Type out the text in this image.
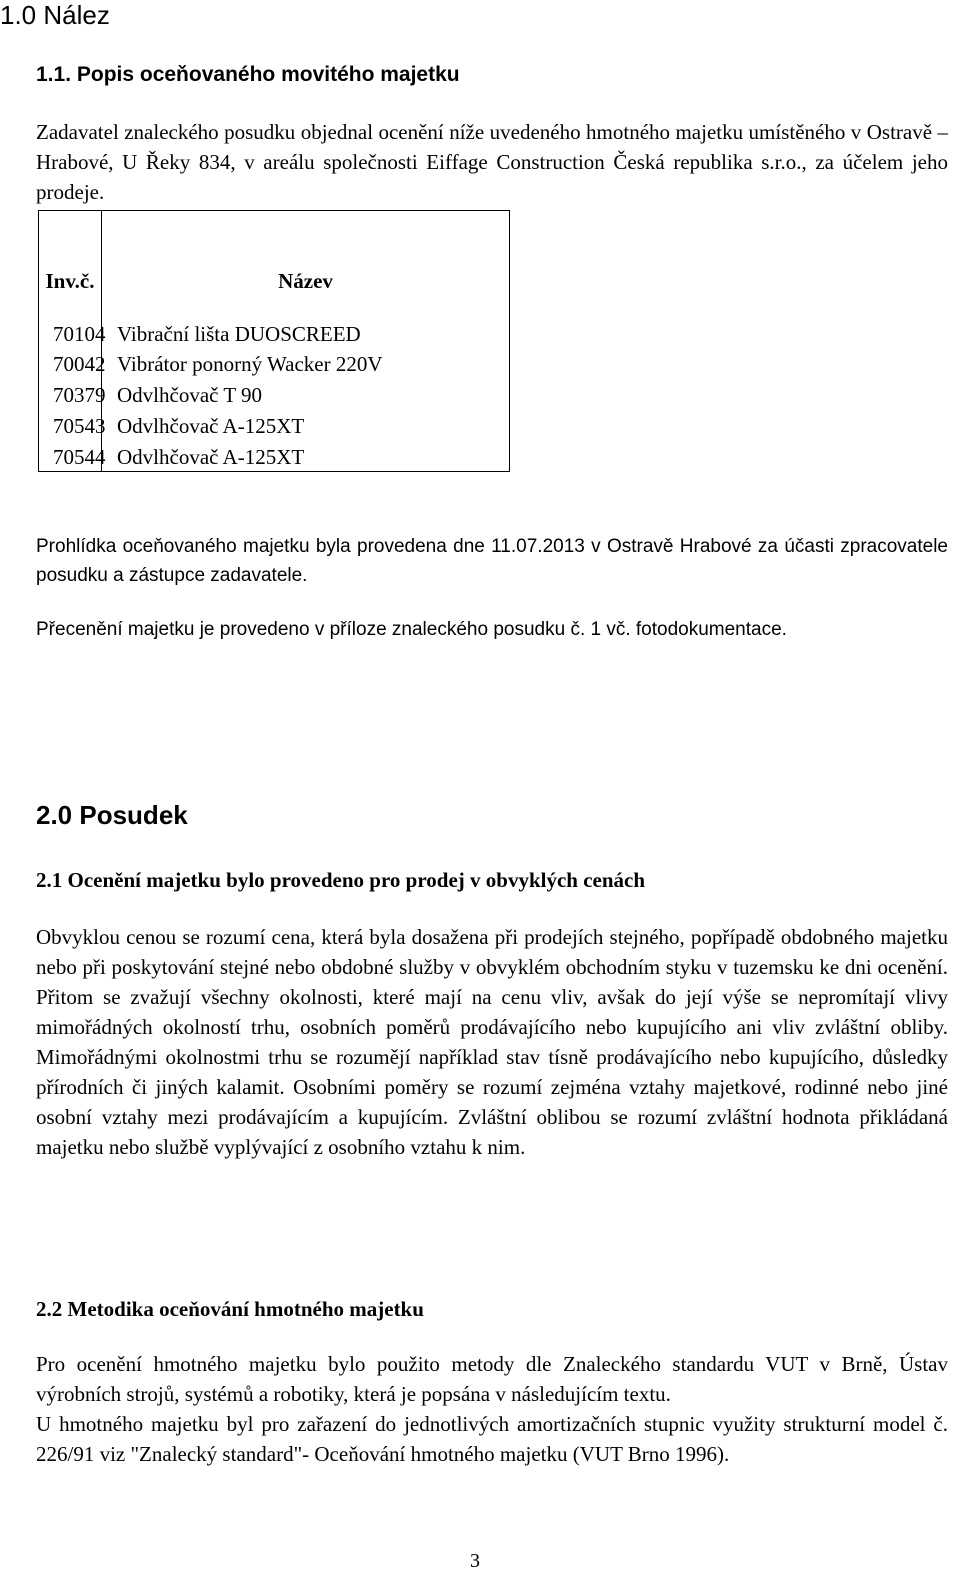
1.0 Nález
1.1. Popis oceňovaného movitého majetku

Zadavatel znaleckého posudku objednal ocenění níže uvedeného hmotného majetku umístěného v Ostravě – Hrabové, U Řeky 834, v areálu společnosti Eiffage Construction Česká republika s.r.o., za účelem jeho prodeje.

Inv.č.	Název
70104 Vibrační lišta DUOSCREED
70042 Vibrátor ponorný Wacker 220V
70379 Odvlhčovač T 90
70543 Odvlhčovač A-125XT
70544 Odvlhčovač A-125XT

Prohlídka oceňovaného majetku byla provedena dne 11.07.2013 v Ostravě Hrabové za účasti zpracovatele posudku a zástupce zadavatele.

Přecenění majetku je provedeno v příloze znaleckého posudku č. 1 vč. fotodokumentace.

2.0 Posudek
2.1 Ocenění majetku bylo provedeno pro prodej v obvyklých cenách

Obvyklou cenou se rozumí cena, která byla dosažena při prodejích stejného, popřípadě obdobného majetku nebo při poskytování stejné nebo obdobné služby v obvyklém obchodním styku v tuzemsku ke dni ocenění. Přitom se zvažují všechny okolnosti, které mají na cenu vliv, avšak do její výše se nepromítají vlivy mimořádných okolností trhu, osobních poměrů prodávajícího nebo kupujícího ani vliv zvláštní obliby. Mimořádnými okolnostmi trhu se rozumějí například stav tísně prodávajícího nebo kupujícího, důsledky přírodních či jiných kalamit. Osobními poměry se rozumí zejména vztahy majetkové, rodinné nebo jiné osobní vztahy mezi prodávajícím a kupujícím. Zvláštní oblibou se rozumí zvláštní hodnota přikládaná majetku nebo službě vyplývající z osobního vztahu k nim.

2.2 Metodika oceňování hmotného majetku

Pro ocenění hmotného majetku bylo použito metody dle Znaleckého standardu VUT v Brně, Ústav výrobních strojů, systémů a robotiky, která je popsána v následujícím textu.

U hmotného majetku byl pro zařazení do jednotlivých amortizačních stupnic využity strukturní model č. 226/91 viz "Znalecký standard"- Oceňování hmotného majetku (VUT Brno 1996).

3
